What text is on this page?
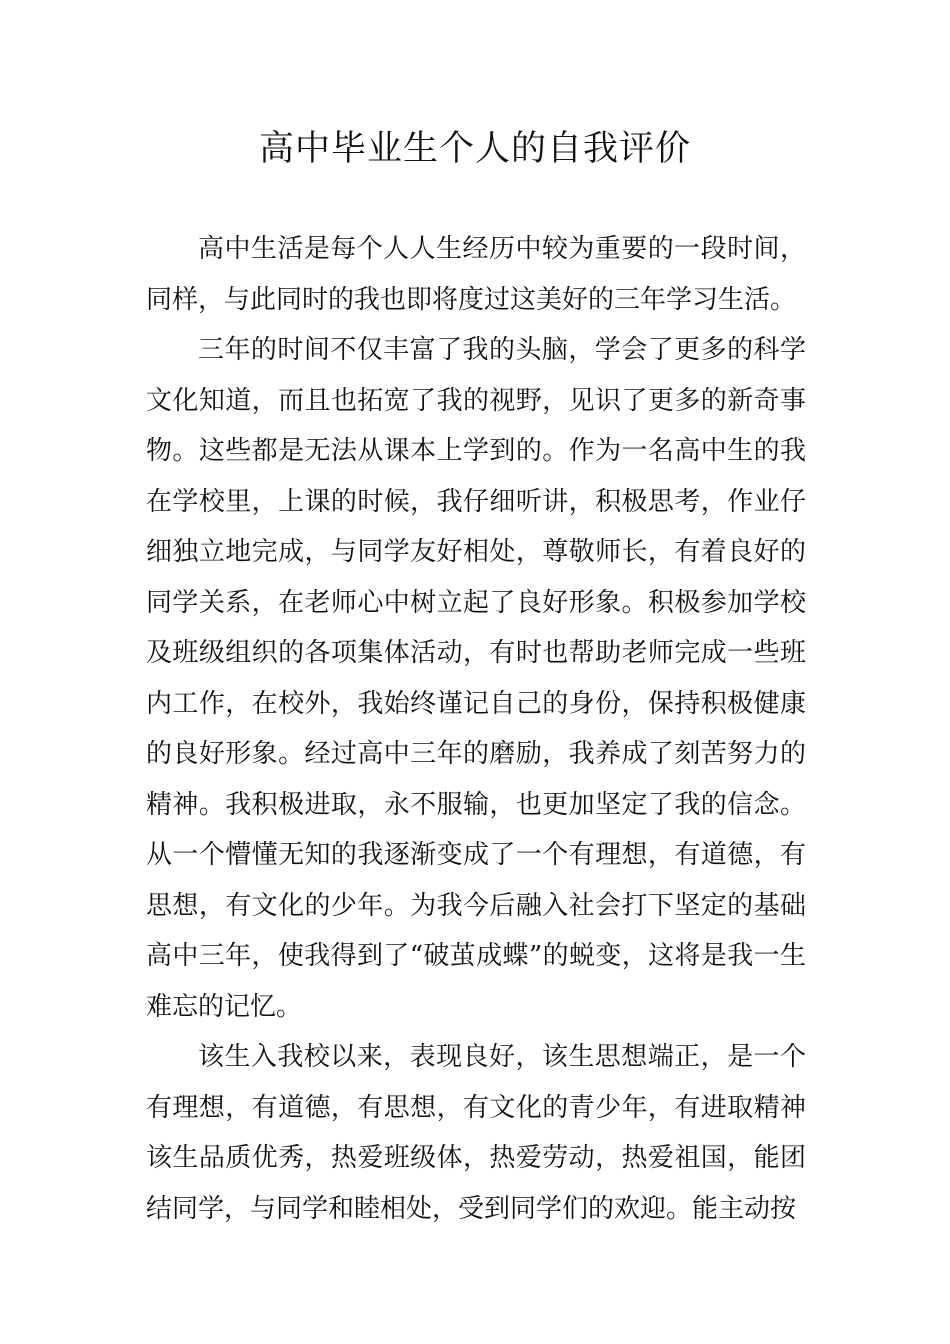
高中毕业生个人的自我评价

高中生活是每个人人生经历中较为重要的一段时间，同样，与此同时的我也即将度过这美好的三年学习生活。

三年的时间不仅丰富了我的头脑，学会了更多的科学文化知道，而且也拓宽了我的视野，见识了更多的新奇事物。这些都是无法从课本上学到的。作为一名高中生的我在学校里，上课的时候，我仔细听讲，积极思考，作业仔细独立地完成，与同学友好相处，尊敬师长，有着良好的同学关系，在老师心中树立起了良好形象。积极参加学校及班级组织的各项集体活动，有时也帮助老师完成一些班内工作，在校外，我始终谨记自己的身份，保持积极健康的良好形象。经过高中三年的磨励，我养成了刻苦努力的精神。我积极进取，永不服输，也更加坚定了我的信念。从一个懵懂无知的我逐渐变成了一个有理想，有道德，有思想，有文化的少年。为我今后融入社会打下坚定的基础高中三年，使我得到了“破茧成蝶”的蜕变，这将是我一生难忘的记忆。

该生入我校以来，表现良好，该生思想端正，是一个有理想，有道德，有思想，有文化的青少年，有进取精神该生品质优秀，热爱班级体，热爱劳动，热爱祖国，能团结同学，与同学和睦相处，受到同学们的欢迎。能主动按
